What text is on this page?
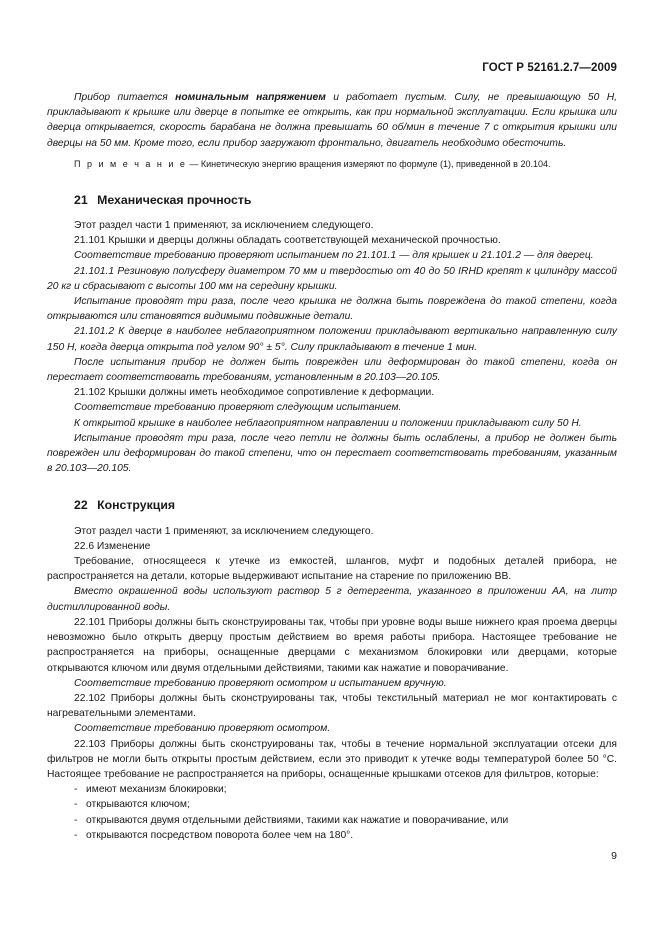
ГОСТ Р 52161.2.7—2009

Прибор питается номинальным напряжением и работает пустым. Силу, не превышающую 50 Н, прикладывают к крышке или дверце в попытке ее открыть, как при нормальной эксплуатации. Если крышка или дверца открывается, скорость барабана не должна превышать 60 об/мин в течение 7 с открытия крышки или дверцы на 50 мм. Кроме того, если прибор загружают фронтально, двигатель необходимо обесточить.

П р и м е ч а н и е — Кинетическую энергию вращения измеряют по формуле (1), приведенной в 20.104.

21 Механическая прочность

Этот раздел части 1 применяют, за исключением следующего.

21.101 Крышки и дверцы должны обладать соответствующей механической прочностью.

Соответствие требованию проверяют испытанием по 21.101.1 — для крышек и 21.101.2 — для дверец.

21.101.1 Резиновую полусферу диаметром 70 мм и твердостью от 40 до 50 IRHD крепят к цилиндру массой 20 кг и сбрасывают с высоты 100 мм на середину крышки.

Испытание проводят три раза, после чего крышка не должна быть повреждена до такой степени, когда открываются или становятся видимыми подвижные детали.

21.101.2 К дверце в наиболее неблагоприятном положении прикладывают вертикально направленную силу 150 Н, когда дверца открыта под углом 90° ± 5°. Силу прикладывают в течение 1 мин.

После испытания прибор не должен быть поврежден или деформирован до такой степени, когда он перестает соответствовать требованиям, установленным в 20.103—20.105.

21.102 Крышки должны иметь необходимое сопротивление к деформации.

Соответствие требованию проверяют следующим испытанием.

К открытой крышке в наиболее неблагоприятном направлении и положении прикладывают силу 50 Н.

Испытание проводят три раза, после чего петли не должны быть ослаблены, а прибор не должен быть поврежден или деформирован до такой степени, что он перестает соответствовать требованиям, указанным в 20.103—20.105.

22 Конструкция

Этот раздел части 1 применяют, за исключением следующего.

22.6 Изменение

Требование, относящееся к утечке из емкостей, шлангов, муфт и подобных деталей прибора, не распространяется на детали, которые выдерживают испытание на старение по приложению ВВ.

Вместо окрашенной воды используют раствор 5 г детергента, указанного в приложении АА, на литр дистиллированной воды.

22.101 Приборы должны быть сконструированы так, чтобы при уровне воды выше нижнего края проема дверцы невозможно было открыть дверцу простым действием во время работы прибора. Настоящее требование не распространяется на приборы, оснащенные дверцами с механизмом блокировки или дверцами, которые открываются ключом или двумя отдельными действиями, такими как нажатие и поворачивание.

Соответствие требованию проверяют осмотром и испытанием вручную.

22.102 Приборы должны быть сконструированы так, чтобы текстильный материал не мог контактировать с нагревательными элементами.

Соответствие требованию проверяют осмотром.

22.103 Приборы должны быть сконструированы так, чтобы в течение нормальной эксплуатации отсеки для фильтров не могли быть открыты простым действием, если это приводит к утечке воды температурой более 50 °С. Настоящее требование не распространяется на приборы, оснащенные крышками отсеков для фильтров, которые:

- имеют механизм блокировки;
- открываются ключом;
- открываются двумя отдельными действиями, такими как нажатие и поворачивание, или
- открываются посредством поворота более чем на 180°.
9
